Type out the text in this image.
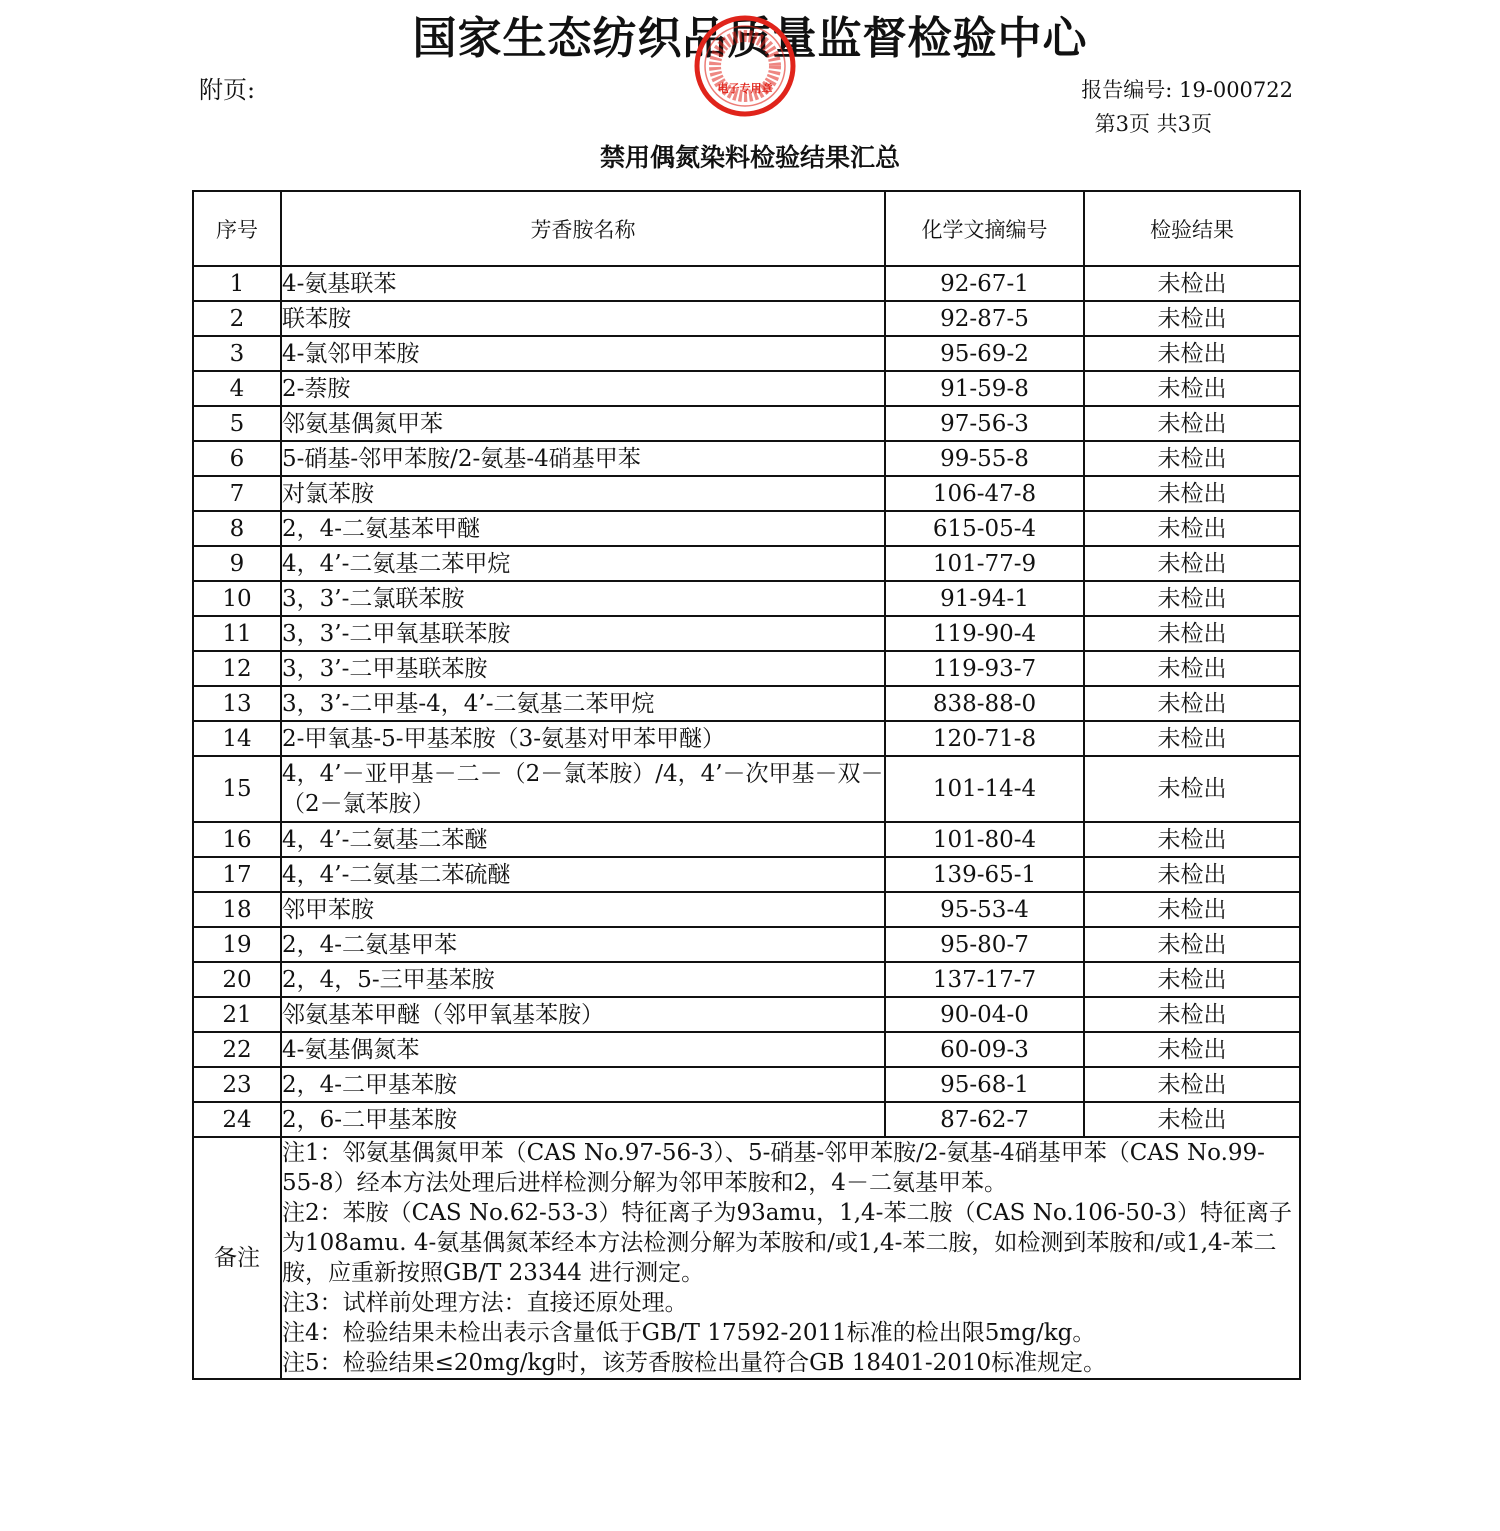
国家生态纺织品质量监督检验中心
电子专用章
附页:	报告编号: 19-000722
第3页 共3页
禁用偶氮染料检验结果汇总
序号	芳香胺名称	化学文摘编号	检验结果
1	4-氨基联苯	92-67-1	未检出
2	联苯胺	92-87-5	未检出
3	4-氯邻甲苯胺	95-69-2	未检出
4	2-萘胺	91-59-8	未检出
5	邻氨基偶氮甲苯	97-56-3	未检出
6	5-硝基-邻甲苯胺/2-氨基-4硝基甲苯	99-55-8	未检出
7	对氯苯胺	106-47-8	未检出
8	2，4-二氨基苯甲醚	615-05-4	未检出
9	4，4’-二氨基二苯甲烷	101-77-9	未检出
10	3，3’-二氯联苯胺	91-94-1	未检出
11	3，3’-二甲氧基联苯胺	119-90-4	未检出
12	3，3’-二甲基联苯胺	119-93-7	未检出
13	3，3’-二甲基-4，4’-二氨基二苯甲烷	838-88-0	未检出
14	2-甲氧基-5-甲基苯胺（3-氨基对甲苯甲醚）	120-71-8	未检出
15	4，4’－亚甲基－二－（2－氯苯胺）/4，4’－次甲基－双－（2－氯苯胺）	101-14-4	未检出
16	4，4’-二氨基二苯醚	101-80-4	未检出
17	4，4’-二氨基二苯硫醚	139-65-1	未检出
18	邻甲苯胺	95-53-4	未检出
19	2，4-二氨基甲苯	95-80-7	未检出
20	2，4，5-三甲基苯胺	137-17-7	未检出
21	邻氨基苯甲醚（邻甲氧基苯胺）	90-04-0	未检出
22	4-氨基偶氮苯	60-09-3	未检出
23	2，4-二甲基苯胺	95-68-1	未检出
24	2，6-二甲基苯胺	87-62-7	未检出
备注	注1：邻氨基偶氮甲苯（CAS No.97-56-3）、5-硝基-邻甲苯胺/2-氨基-4硝基甲苯（CAS No.99-55-8）经本方法处理后进样检测分解为邻甲苯胺和2，4－二氨基甲苯。
注2：苯胺（CAS No.62-53-3）特征离子为93amu，1,4-苯二胺（CAS No.106-50-3）特征离子为108amu. 4-氨基偶氮苯经本方法检测分解为苯胺和/或1,4-苯二胺，如检测到苯胺和/或1,4-苯二胺，应重新按照GB/T 23344 进行测定。
注3：试样前处理方法：直接还原处理。
注4：检验结果未检出表示含量低于GB/T 17592-2011标准的检出限5mg/kg。
注5：检验结果≤20mg/kg时，该芳香胺检出量符合GB 18401-2010标准规定。		
